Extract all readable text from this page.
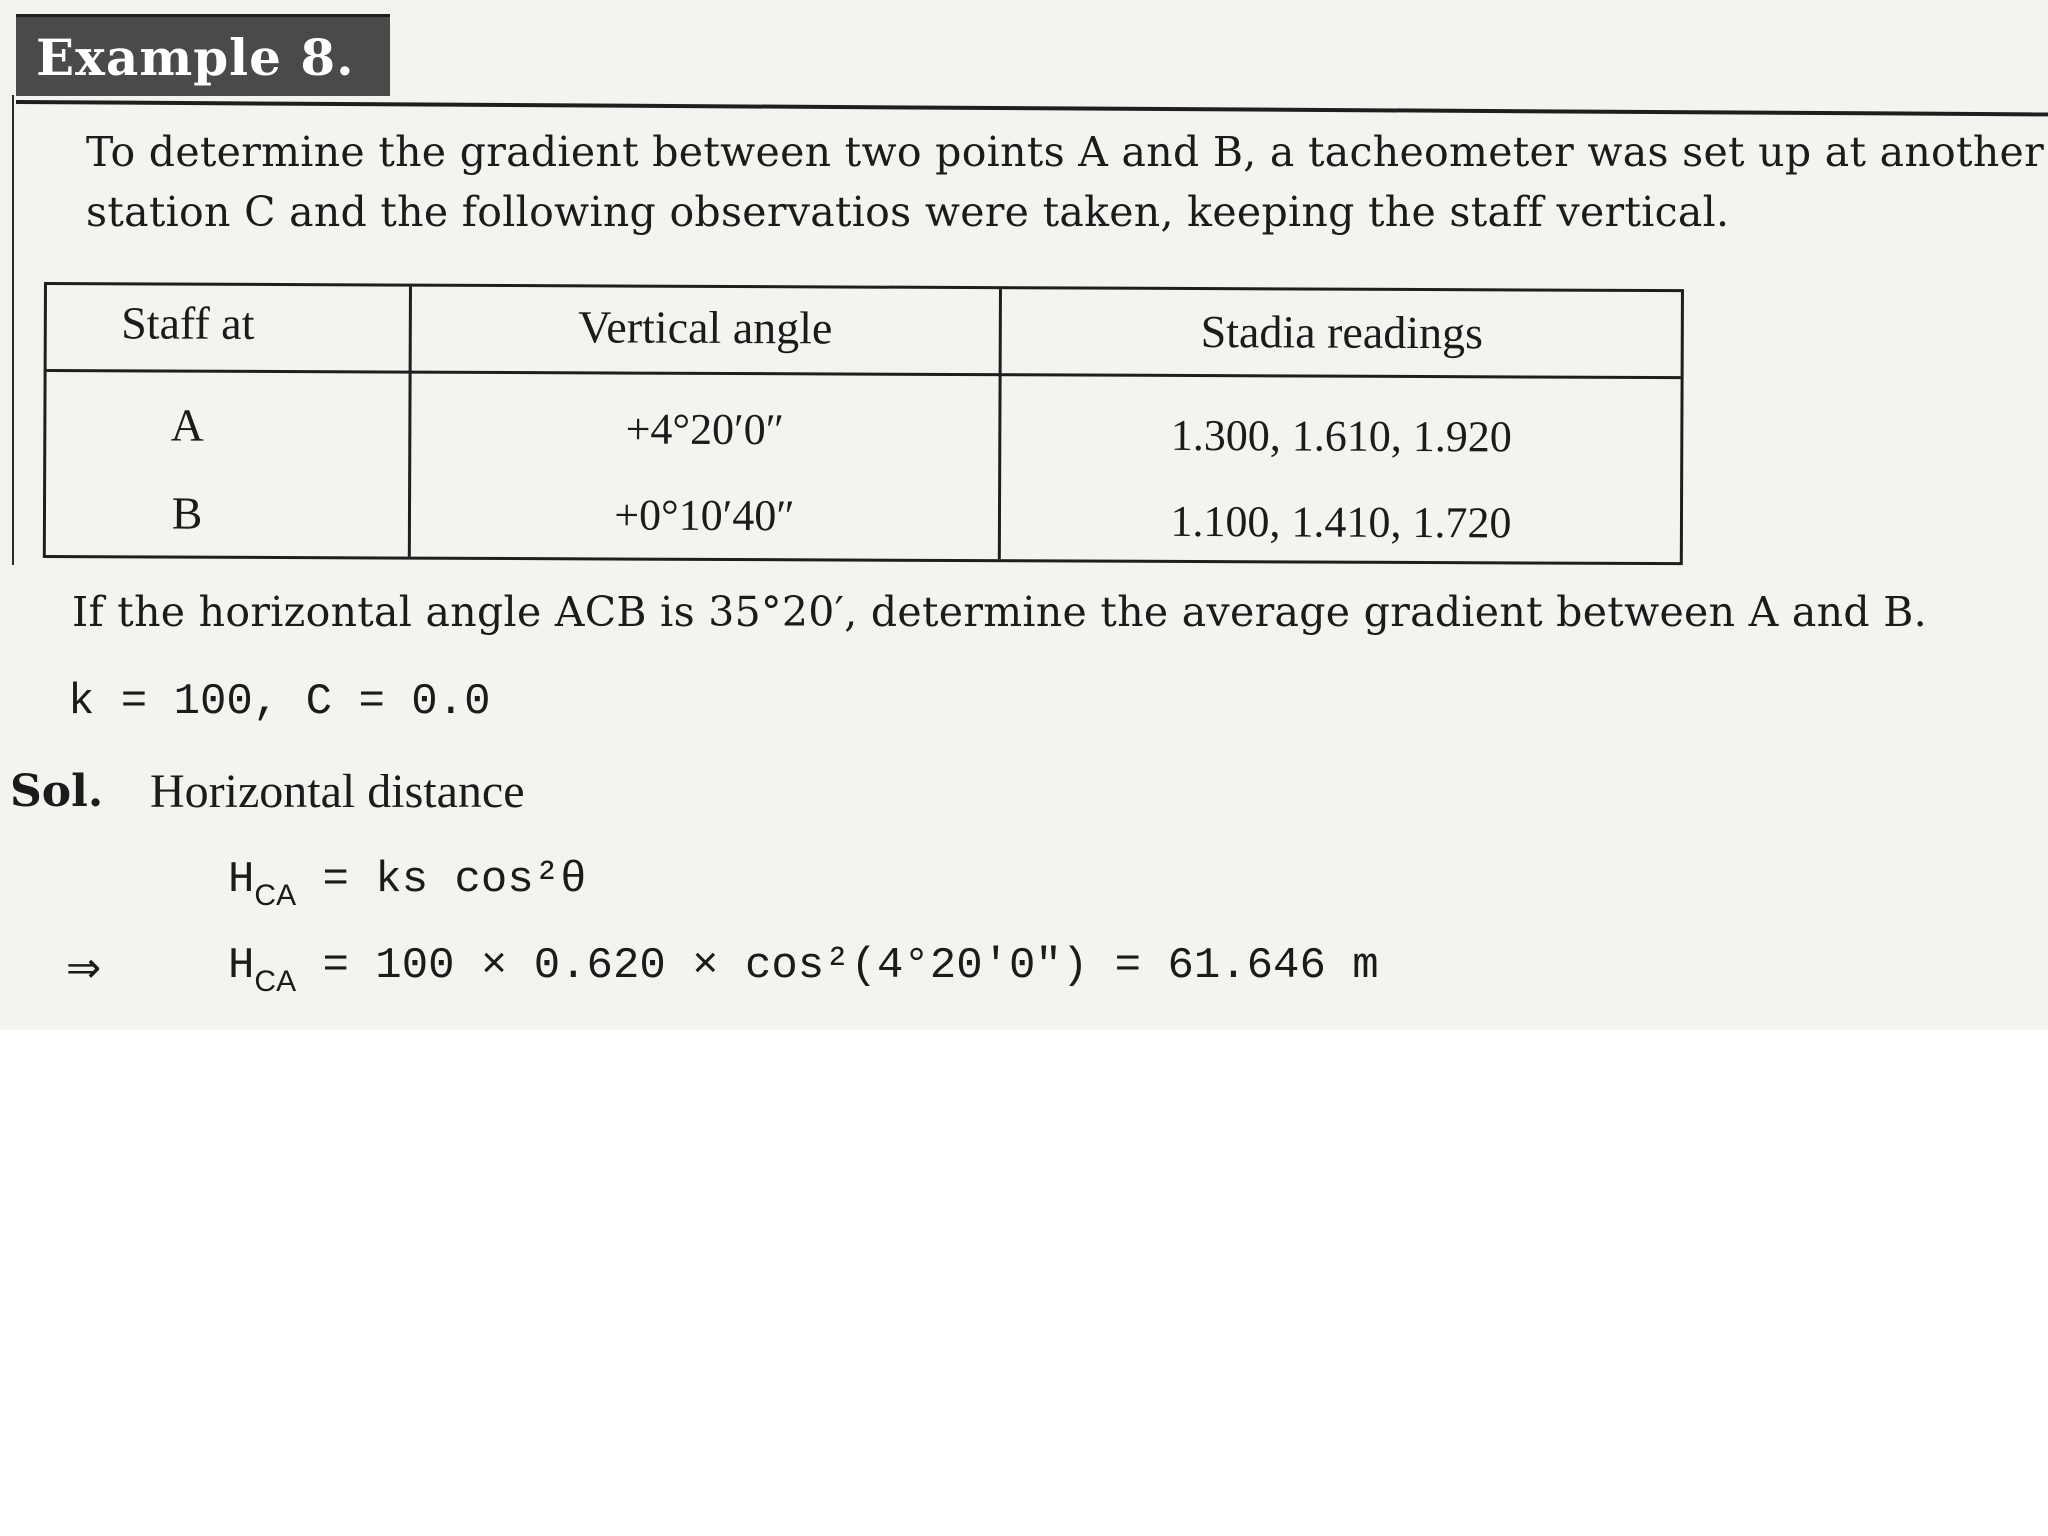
Example 8.
To determine the gradient between two points A and B, a tacheometer was set up at another
station C and the following observatios were taken, keeping the staff vertical.
Staff at	Vertical angle	Stadia readings
A	+4°20′0″	1.300, 1.610, 1.920
B	+0°10′40″	1.100, 1.410, 1.720
If the horizontal angle ACB is 35°20′, determine the average gradient between A and B.
k = 100, C = 0.0
Sol. Horizontal distance
$H_{CA}$ = ks cos²θ
⇒	$H_{CA} = 100 \times 0.620 \times \cos^2(4^\circ 20'0'') = 61.646$ m
